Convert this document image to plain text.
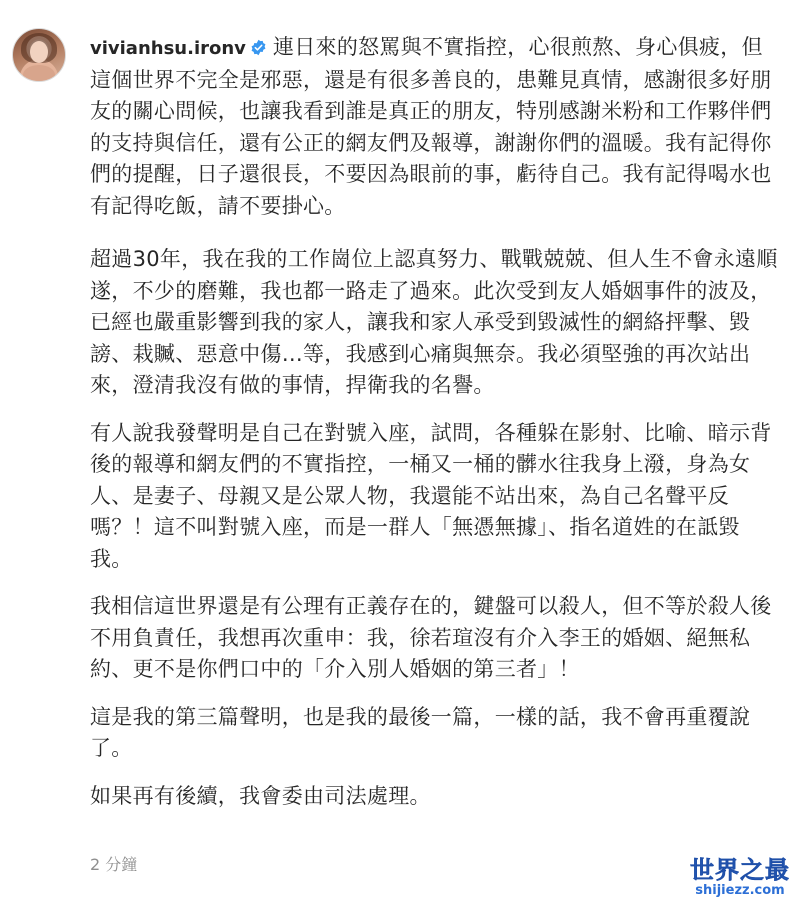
vivianhsu.ironv 連日來的怒罵與不實指控，心很煎熬、身心俱疲，但這個世界不完全是邪惡，還是有很多善良的，患難見真情，感謝很多好朋友的關心問候，也讓我看到誰是真正的朋友，特別感謝米粉和工作夥伴們的支持與信任，還有公正的網友們及報導，謝謝你們的溫暖。我有記得你們的提醒，日子還很長，不要因為眼前的事，虧待自己。我有記得喝水也有記得吃飯，請不要掛心。

超過30年，我在我的工作崗位上認真努力、戰戰兢兢、但人生不會永遠順遂，不少的磨難，我也都一路走了過來。此次受到友人婚姻事件的波及，已經也嚴重影響到我的家人，讓我和家人承受到毀滅性的網絡抨擊、毀謗、栽贓、惡意中傷…等，我感到心痛與無奈。我必須堅強的再次站出來，澄清我沒有做的事情，捍衛我的名譽。

有人說我發聲明是自己在對號入座，試問，各種躲在影射、比喻、暗示背後的報導和網友們的不實指控，一桶又一桶的髒水往我身上潑，身為女人、是妻子、母親又是公眾人物，我還能不站出來，為自己名聲平反嗎？！這不叫對號入座，而是一群人「無憑無據」、指名道姓的在詆毀我。

我相信這世界還是有公理有正義存在的，鍵盤可以殺人，但不等於殺人後不用負責任，我想再次重申：我，徐若瑄沒有介入李王的婚姻、絕無私約、更不是你們口中的「介入別人婚姻的第三者」！

這是我的第三篇聲明，也是我的最後一篇，一樣的話，我不會再重覆說了。

如果再有後續，我會委由司法處理。

2 分鐘	世界之最
shijiezz.com
